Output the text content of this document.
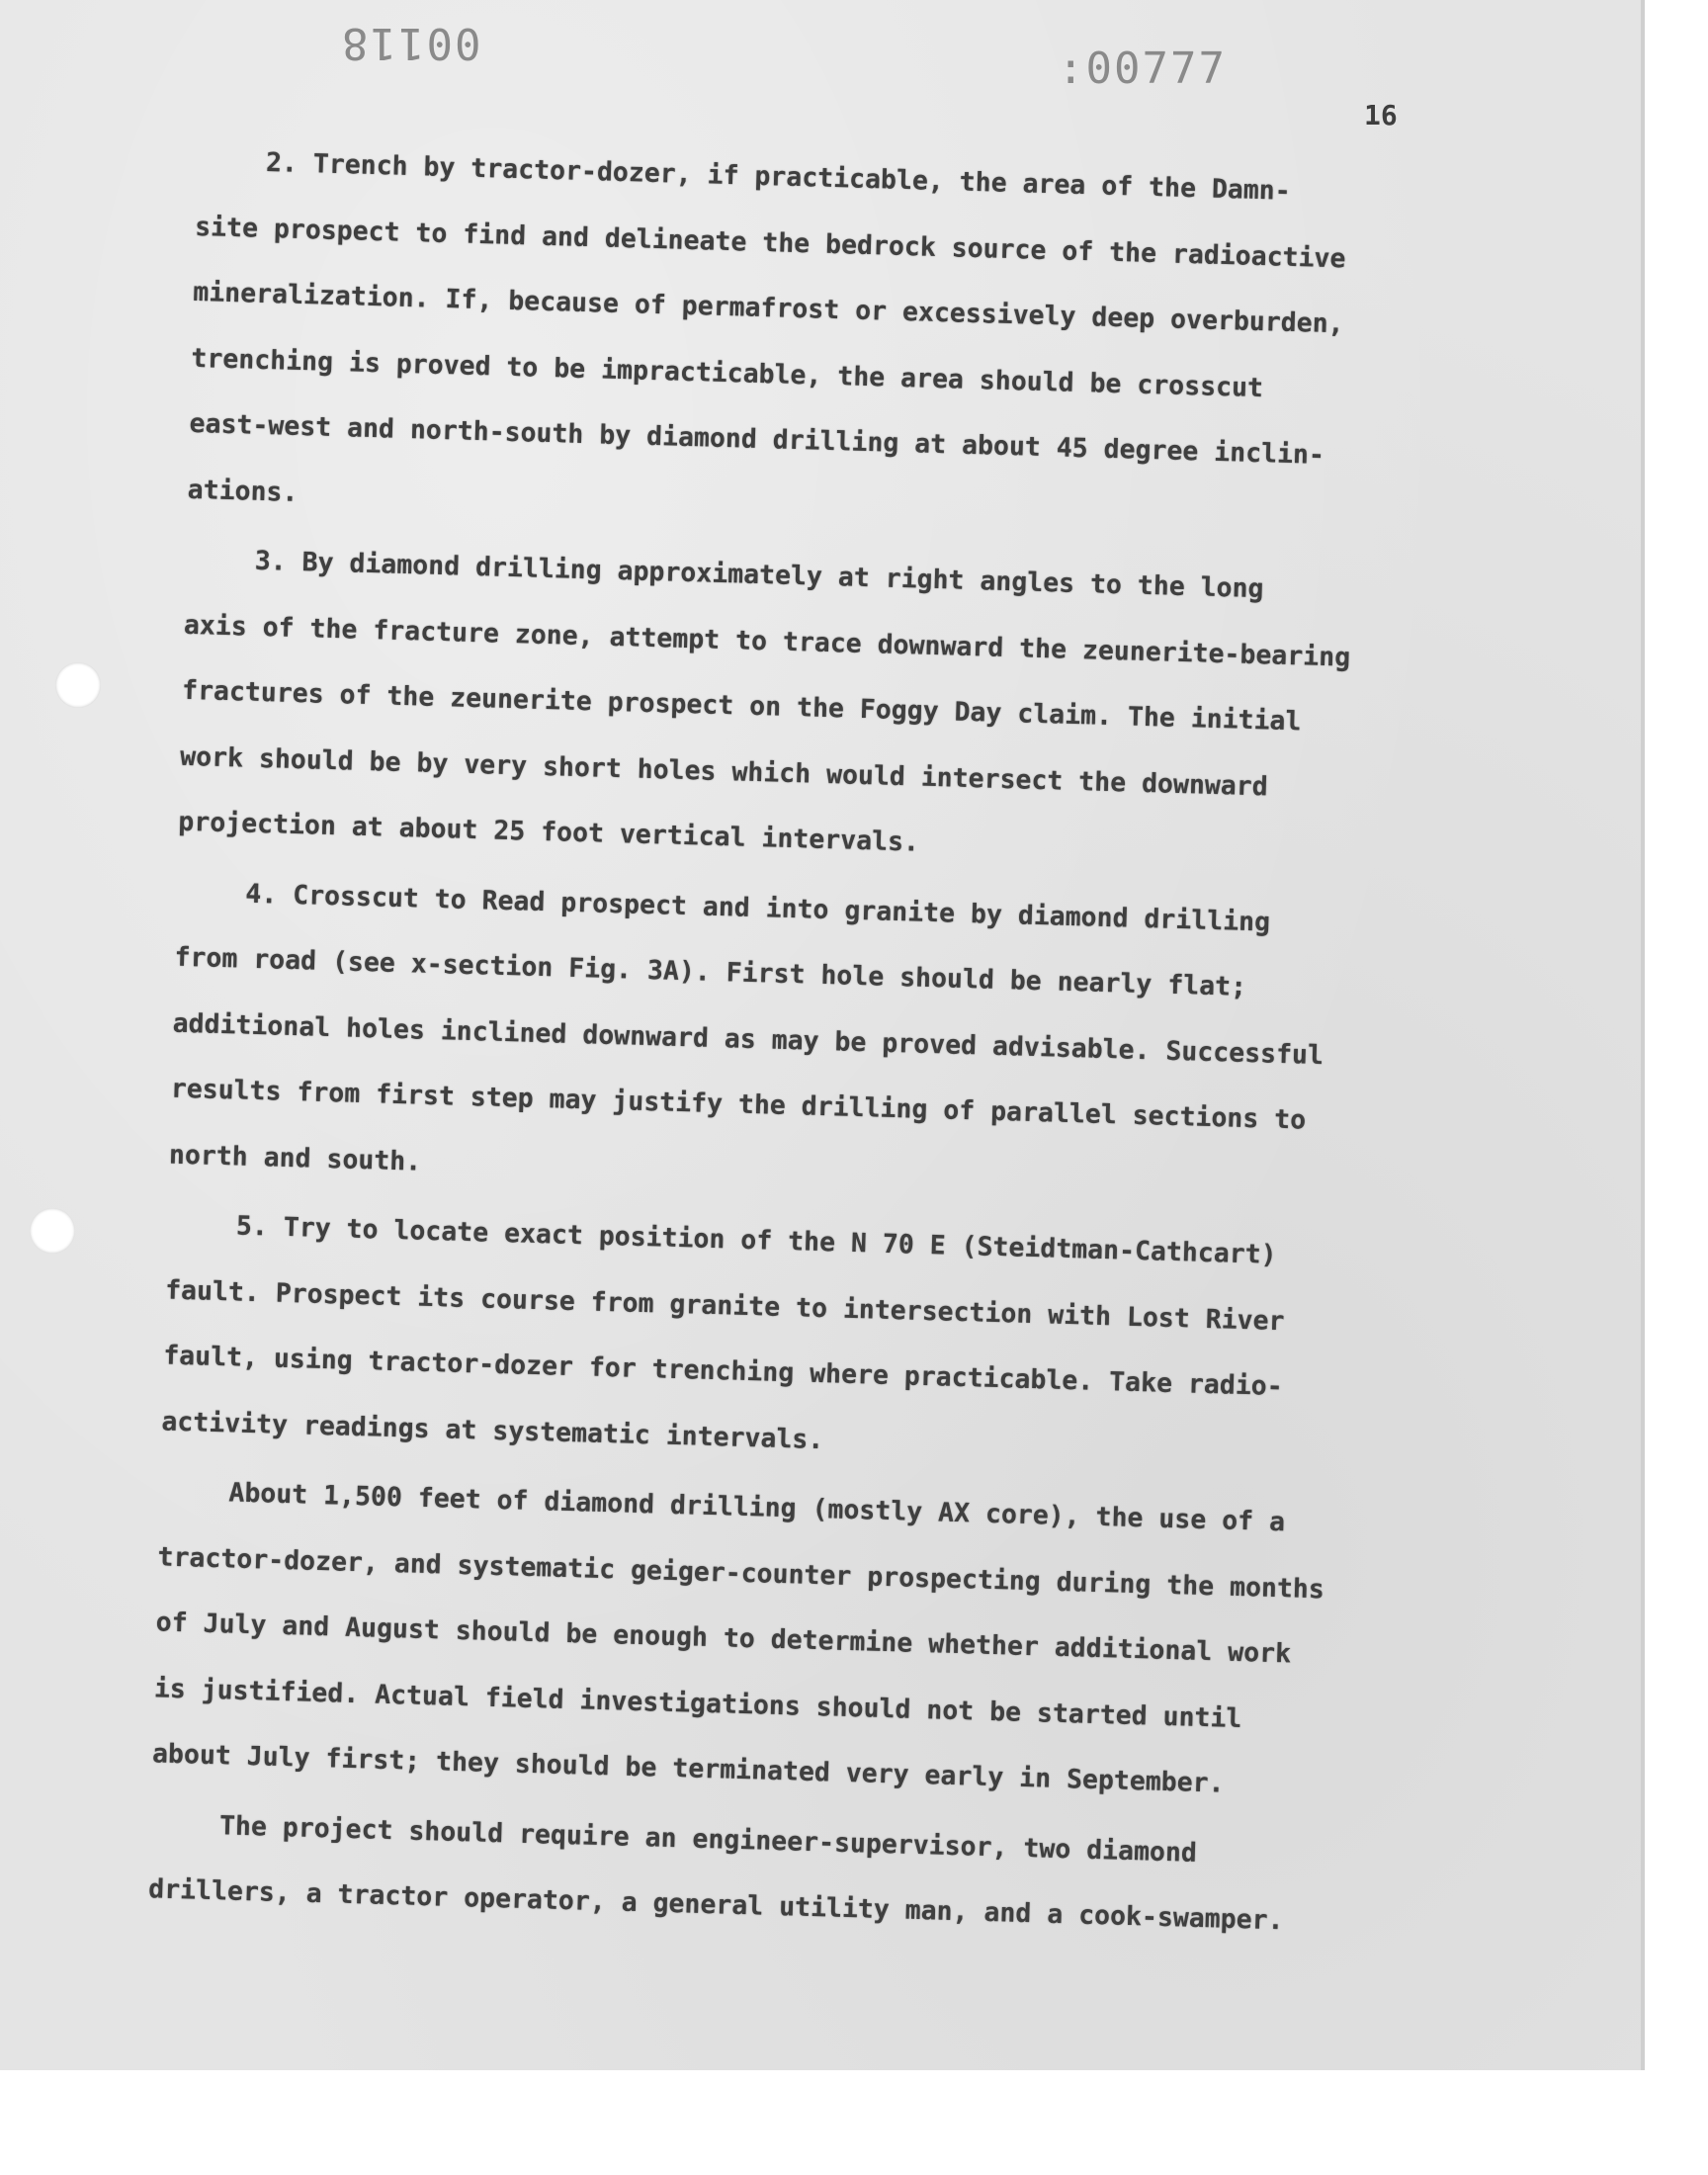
00118
:00777
16

2. Trench by tractor-dozer, if practicable, the area of the Damn-
site prospect to find and delineate the bedrock source of the radioactive
mineralization. If, because of permafrost or excessively deep overburden,
trenching is proved to be impracticable, the area should be crosscut
east-west and north-south by diamond drilling at about 45 degree inclin-
ations.

3. By diamond drilling approximately at right angles to the long
axis of the fracture zone, attempt to trace downward the zeunerite-bearing
fractures of the zeunerite prospect on the Foggy Day claim. The initial
work should be by very short holes which would intersect the downward
projection at about 25 foot vertical intervals.

4. Crosscut to Read prospect and into granite by diamond drilling
from road (see x-section Fig. 3A). First hole should be nearly flat;
additional holes inclined downward as may be proved advisable. Successful
results from first step may justify the drilling of parallel sections to
north and south.

5. Try to locate exact position of the N 70 E (Steidtman-Cathcart)
fault. Prospect its course from granite to intersection with Lost River
fault, using tractor-dozer for trenching where practicable. Take radio-
activity readings at systematic intervals.

About 1,500 feet of diamond drilling (mostly AX core), the use of a
tractor-dozer, and systematic geiger-counter prospecting during the months
of July and August should be enough to determine whether additional work
is justified. Actual field investigations should not be started until
about July first; they should be terminated very early in September.

The project should require an engineer-supervisor, two diamond
drillers, a tractor operator, a general utility man, and a cook-swamper.
